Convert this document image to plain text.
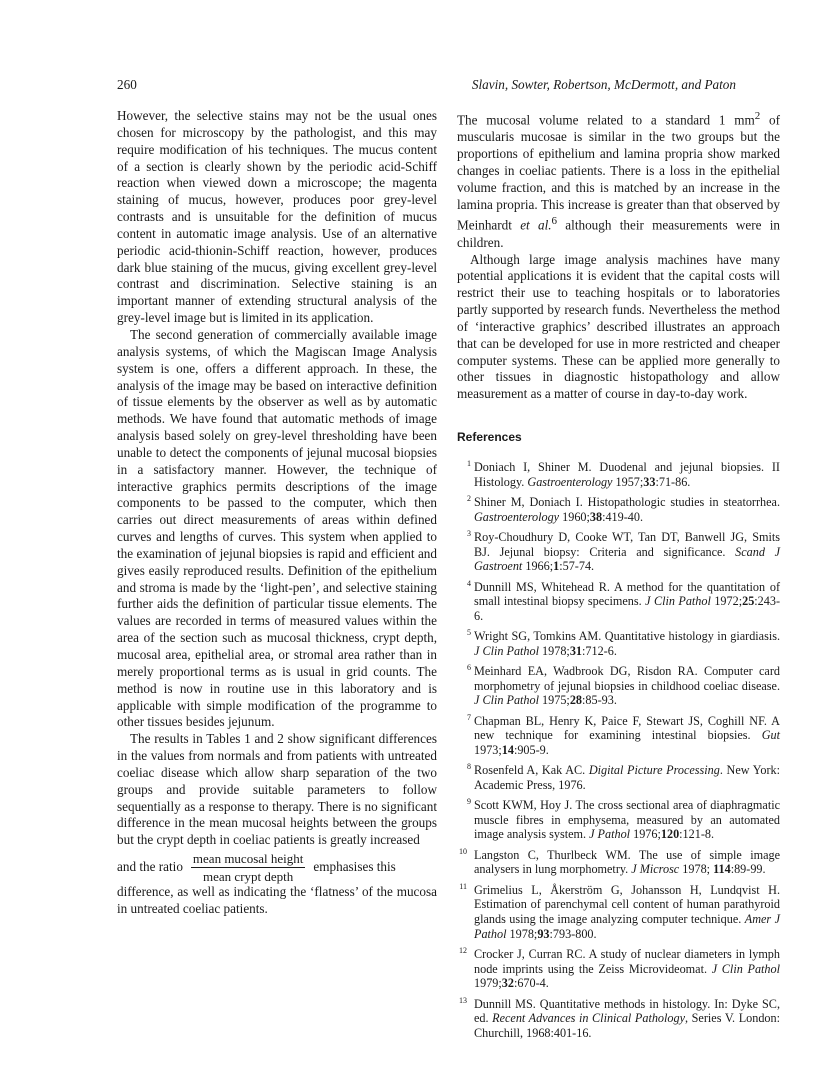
260	Slavin, Sowter, Robertson, McDermott, and Paton

However, the selective stains may not be the usual ones chosen for microscopy by the pathologist, and this may require modification of his techniques. The mucus content of a section is clearly shown by the periodic acid-Schiff reaction when viewed down a microscope; the magenta staining of mucus, however, produces poor grey-level contrasts and is unsuitable for the definition of mucus content in automatic image analysis. Use of an alternative periodic acid-thionin-Schiff reaction, however, produces dark blue staining of the mucus, giving excellent grey-level contrast and discrimination. Selective staining is an important manner of extending structural analysis of the grey-level image but is limited in its application.

The second generation of commercially available image analysis systems, of which the Magiscan Image Analysis system is one, offers a different approach. In these, the analysis of the image may be based on interactive definition of tissue elements by the observer as well as by automatic methods. We have found that automatic methods of image analysis based solely on grey-level thresholding have been unable to detect the components of jejunal mucosal biopsies in a satisfactory manner. However, the technique of interactive graphics permits descriptions of the image components to be passed to the computer, which then carries out direct measurements of areas within defined curves and lengths of curves. This system when applied to the examination of jejunal biopsies is rapid and efficient and gives easily reproduced results. Definition of the epithelium and stroma is made by the ‘light-pen’, and selective staining further aids the definition of particular tissue elements. The values are recorded in terms of measured values within the area of the section such as mucosal thickness, crypt depth, mucosal area, epithelial area, or stromal area rather than in merely proportional terms as is usual in grid counts. The method is now in routine use in this laboratory and is applicable with simple modification of the programme to other tissues besides jejunum.

The results in Tables 1 and 2 show significant differences in the values from normals and from patients with untreated coeliac disease which allow sharp separation of the two groups and provide suitable parameters to follow sequentially as a response to therapy. There is no significant difference in the mean mucosal heights between the groups but the crypt depth in coeliac patients is greatly increased

and the ratio $\frac{\text{mean mucosal height}}{\text{mean crypt depth}}$ emphasises this

difference, as well as indicating the ‘flatness’ of the mucosa in untreated coeliac patients.

The mucosal volume related to a standard 1 $mm^2$ of muscularis mucosae is similar in the two groups but the proportions of epithelium and lamina propria show marked changes in coeliac patients. There is a loss in the epithelial volume fraction, and this is matched by an increase in the lamina propria. This increase is greater than that observed by Meinhardt et al.$^6$ although their measurements were in children.

Although large image analysis machines have many potential applications it is evident that the capital costs will restrict their use to teaching hospitals or to laboratories partly supported by research funds. Nevertheless the method of ‘interactive graphics’ described illustrates an approach that can be developed for use in more restricted and cheaper computer systems. These can be applied more generally to other tissues in diagnostic histopathology and allow measurement as a matter of course in day-to-day work.

References
1 Doniach I, Shiner M. Duodenal and jejunal biopsies. II Histology. Gastroenterology 1957;33:71-86.
2 Shiner M, Doniach I. Histopathologic studies in steatorrhea. Gastroenterology 1960;38:419-40.
3 Roy-Choudhury D, Cooke WT, Tan DT, Banwell JG, Smits BJ. Jejunal biopsy: Criteria and significance. Scand J Gastroent 1966;1:57-74.
4 Dunnill MS, Whitehead R. A method for the quantitation of small intestinal biopsy specimens. J Clin Pathol 1972;25:243-6.
5 Wright SG, Tomkins AM. Quantitative histology in giardiasis. J Clin Pathol 1978;31:712-6.
6 Meinhard EA, Wadbrook DG, Risdon RA. Computer card morphometry of jejunal biopsies in childhood coeliac disease. J Clin Pathol 1975;28:85-93.
7 Chapman BL, Henry K, Paice F, Stewart JS, Coghill NF. A new technique for examining intestinal biopsies. Gut 1973;14:905-9.
8 Rosenfeld A, Kak AC. Digital Picture Processing. New York: Academic Press, 1976.
9 Scott KWM, Hoy J. The cross sectional area of diaphragmatic muscle fibres in emphysema, measured by an automated image analysis system. J Pathol 1976;120:121-8.
10 Langston C, Thurlbeck WM. The use of simple image analysers in lung morphometry. J Microsc 1978; 114:89-99.
11 Grimelius L, Åkerström G, Johansson H, Lundqvist H. Estimation of parenchymal cell content of human parathyroid glands using the image analyzing computer technique. Amer J Pathol 1978;93:793-800.
12 Crocker J, Curran RC. A study of nuclear diameters in lymph node imprints using the Zeiss Microvideomat. J Clin Pathol 1979;32:670-4.
13 Dunnill MS. Quantitative methods in histology. In: Dyke SC, ed. Recent Advances in Clinical Pathology, Series V. London: Churchill, 1968:401-16.
